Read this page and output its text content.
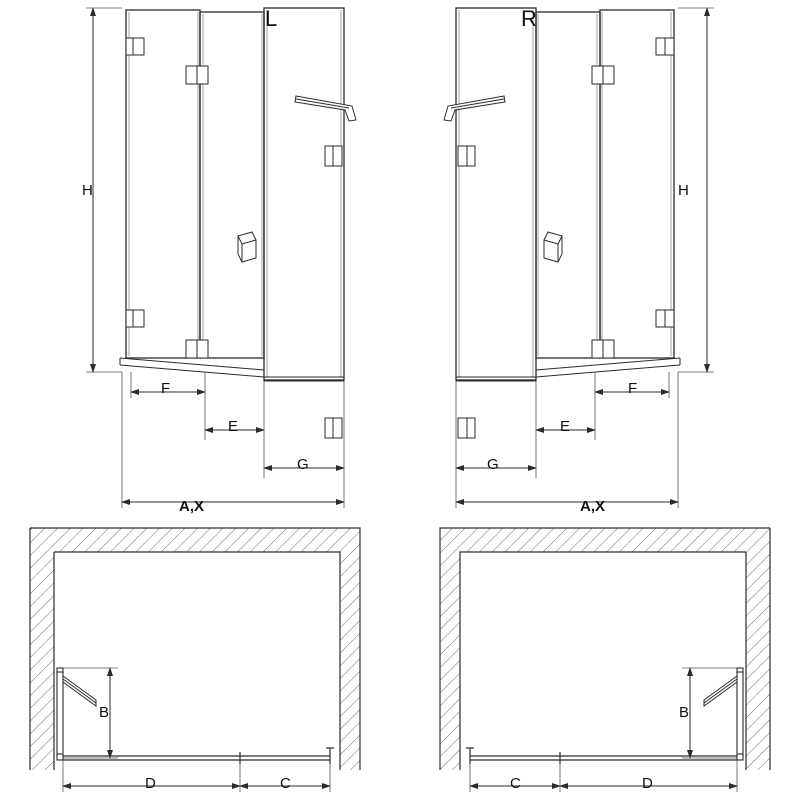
L	R
H	H
F
E
G
F
E
G
A,X	A,X
B	B
D	C	D
C
